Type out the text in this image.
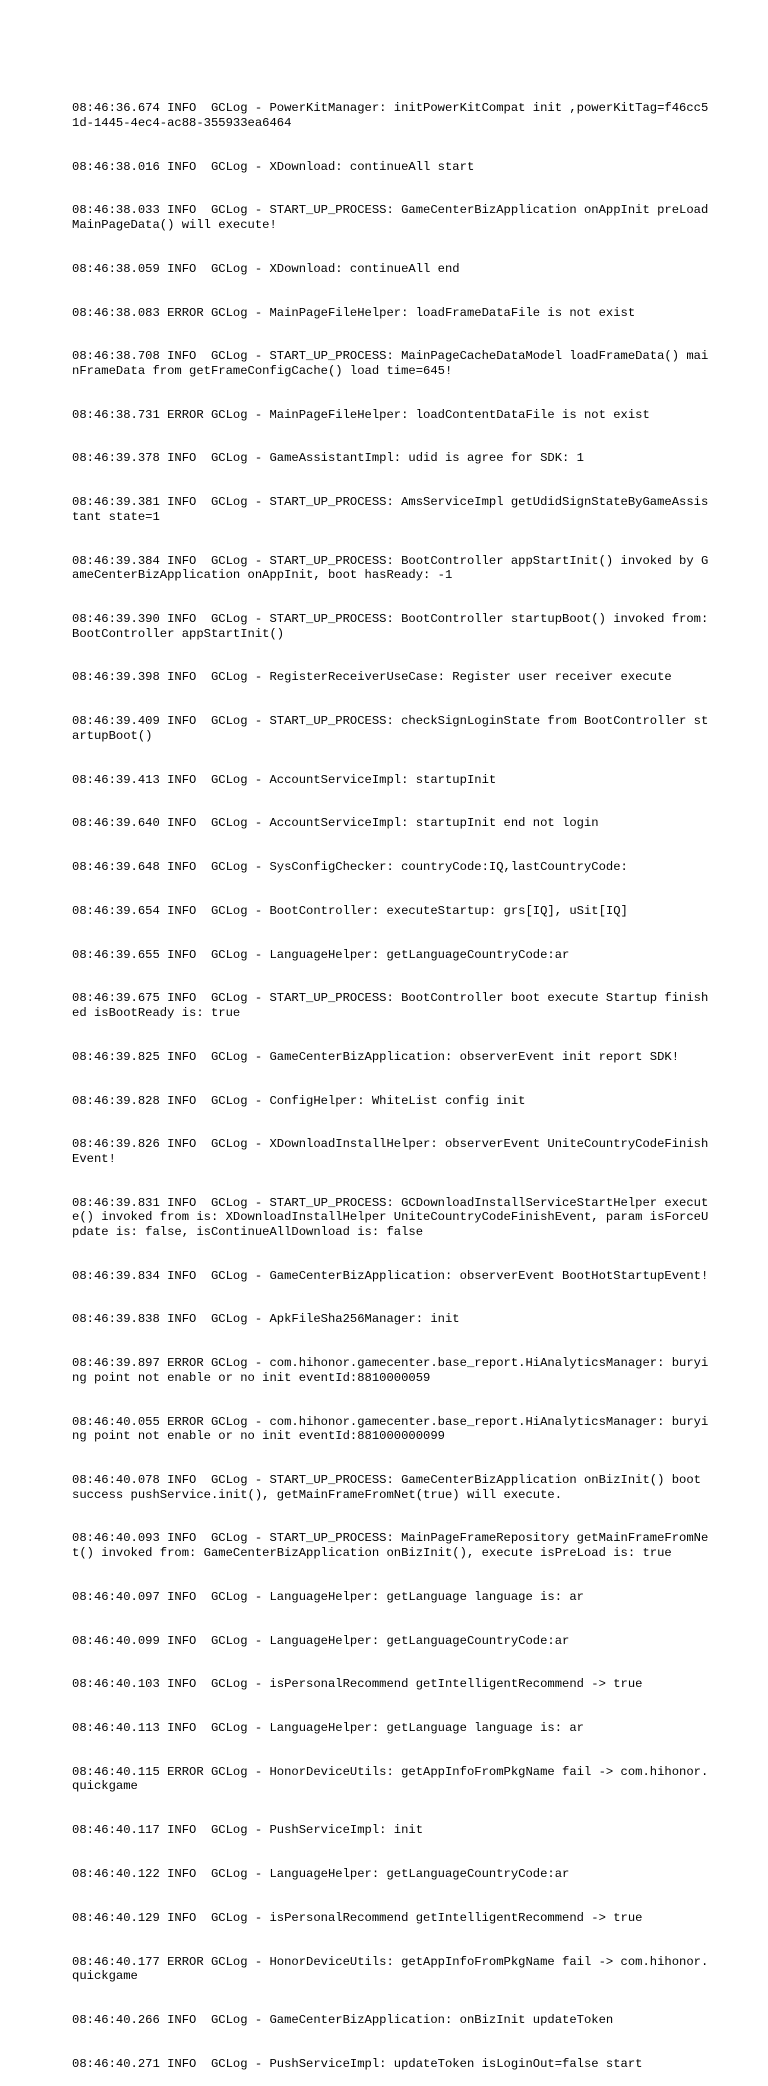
08:46:36.674 INFO  GCLog - PowerKitManager: initPowerKitCompat init ,powerKitTag=f46cc51d-1445-4ec4-ac88-355933ea6464

08:46:38.016 INFO  GCLog - XDownload: continueAll start

08:46:38.033 INFO  GCLog - START_UP_PROCESS: GameCenterBizApplication onAppInit preLoadMainPageData() will execute!

08:46:38.059 INFO  GCLog - XDownload: continueAll end

08:46:38.083 ERROR GCLog - MainPageFileHelper: loadFrameDataFile is not exist

08:46:38.708 INFO  GCLog - START_UP_PROCESS: MainPageCacheDataModel loadFrameData() mainFrameData from getFrameConfigCache() load time=645!

08:46:38.731 ERROR GCLog - MainPageFileHelper: loadContentDataFile is not exist

08:46:39.378 INFO  GCLog - GameAssistantImpl: udid is agree for SDK: 1

08:46:39.381 INFO  GCLog - START_UP_PROCESS: AmsServiceImpl getUdidSignStateByGameAssistant state=1

08:46:39.384 INFO  GCLog - START_UP_PROCESS: BootController appStartInit() invoked by GameCenterBizApplication onAppInit, boot hasReady: -1

08:46:39.390 INFO  GCLog - START_UP_PROCESS: BootController startupBoot() invoked from: BootController appStartInit()

08:46:39.398 INFO  GCLog - RegisterReceiverUseCase: Register user receiver execute

08:46:39.409 INFO  GCLog - START_UP_PROCESS: checkSignLoginState from BootController startupBoot()

08:46:39.413 INFO  GCLog - AccountServiceImpl: startupInit

08:46:39.640 INFO  GCLog - AccountServiceImpl: startupInit end not login

08:46:39.648 INFO  GCLog - SysConfigChecker: countryCode:IQ,lastCountryCode:

08:46:39.654 INFO  GCLog - BootController: executeStartup: grs[IQ], uSit[IQ]

08:46:39.655 INFO  GCLog - LanguageHelper: getLanguageCountryCode:ar

08:46:39.675 INFO  GCLog - START_UP_PROCESS: BootController boot execute Startup finished isBootReady is: true

08:46:39.825 INFO  GCLog - GameCenterBizApplication: observerEvent init report SDK!

08:46:39.828 INFO  GCLog - ConfigHelper: WhiteList config init

08:46:39.826 INFO  GCLog - XDownloadInstallHelper: observerEvent UniteCountryCodeFinishEvent!

08:46:39.831 INFO  GCLog - START_UP_PROCESS: GCDownloadInstallServiceStartHelper execute() invoked from is: XDownloadInstallHelper UniteCountryCodeFinishEvent, param isForceUpdate is: false, isContinueAllDownload is: false

08:46:39.834 INFO  GCLog - GameCenterBizApplication: observerEvent BootHotStartupEvent!

08:46:39.838 INFO  GCLog - ApkFileSha256Manager: init

08:46:39.897 ERROR GCLog - com.hihonor.gamecenter.base_report.HiAnalyticsManager: burying point not enable or no init eventId:8810000059

08:46:40.055 ERROR GCLog - com.hihonor.gamecenter.base_report.HiAnalyticsManager: burying point not enable or no init eventId:881000000099

08:46:40.078 INFO  GCLog - START_UP_PROCESS: GameCenterBizApplication onBizInit() boot success pushService.init(), getMainFrameFromNet(true) will execute.

08:46:40.093 INFO  GCLog - START_UP_PROCESS: MainPageFrameRepository getMainFrameFromNet() invoked from: GameCenterBizApplication onBizInit(), execute isPreLoad is: true

08:46:40.097 INFO  GCLog - LanguageHelper: getLanguage language is: ar

08:46:40.099 INFO  GCLog - LanguageHelper: getLanguageCountryCode:ar

08:46:40.103 INFO  GCLog - isPersonalRecommend getIntelligentRecommend -> true

08:46:40.113 INFO  GCLog - LanguageHelper: getLanguage language is: ar

08:46:40.115 ERROR GCLog - HonorDeviceUtils: getAppInfoFromPkgName fail -> com.hihonor.quickgame

08:46:40.117 INFO  GCLog - PushServiceImpl: init

08:46:40.122 INFO  GCLog - LanguageHelper: getLanguageCountryCode:ar

08:46:40.129 INFO  GCLog - isPersonalRecommend getIntelligentRecommend -> true

08:46:40.177 ERROR GCLog - HonorDeviceUtils: getAppInfoFromPkgName fail -> com.hihonor.quickgame

08:46:40.266 INFO  GCLog - GameCenterBizApplication: onBizInit updateToken

08:46:40.271 INFO  GCLog - PushServiceImpl: updateToken isLoginOut=false start
